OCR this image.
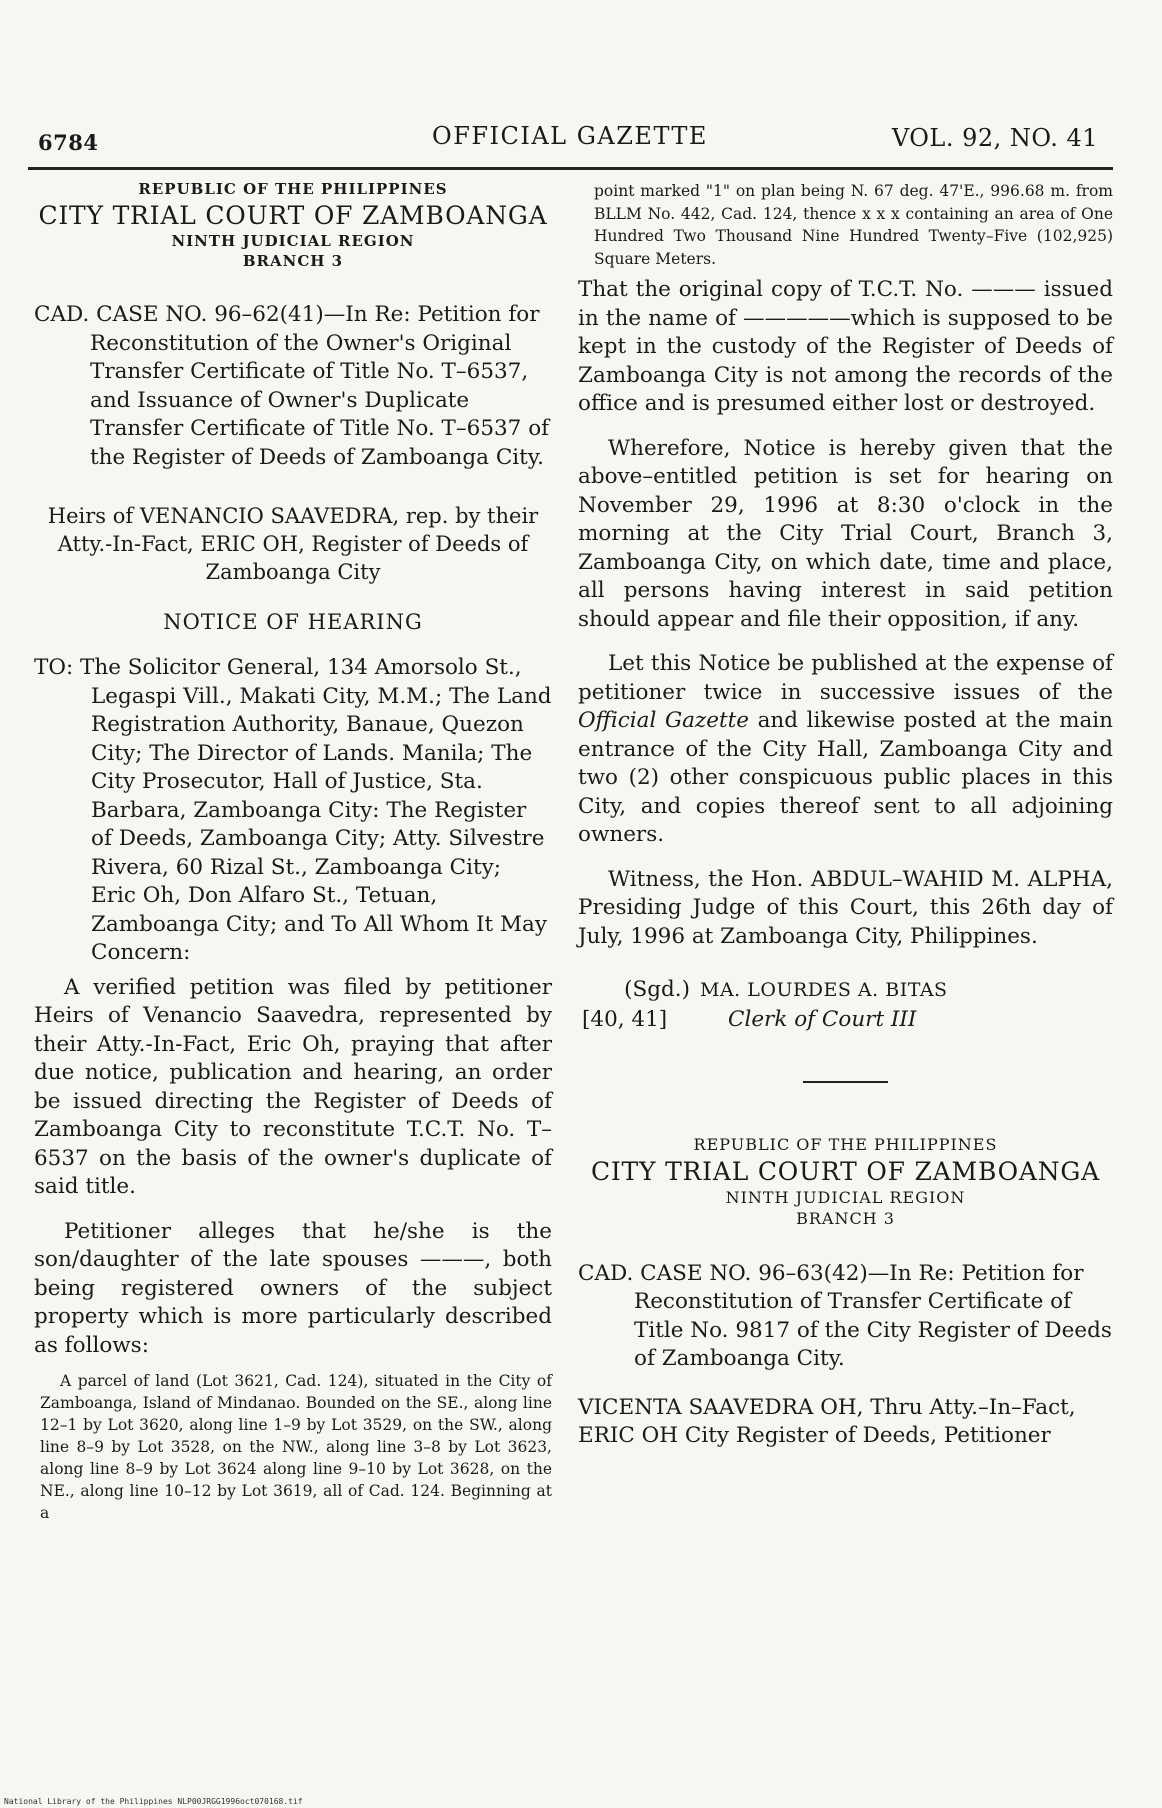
6784	OFFICIAL GAZETTE	VOL. 92, NO. 41
REPUBLIC OF THE PHILIPPINES
CITY TRIAL COURT OF ZAMBOANGA
NINTH JUDICIAL REGION
BRANCH 3

CAD. CASE NO. 96–62(41)—In Re: Petition for Reconstitution of the Owner's Original Transfer Certificate of Title No. T–6537, and Issuance of Owner's Duplicate Transfer Certificate of Title No. T–6537 of the Register of Deeds of Zamboanga City.

Heirs of VENANCIO SAAVEDRA, rep. by their Atty.-In-Fact, ERIC OH, Register of Deeds of Zamboanga City

NOTICE OF HEARING

TO: The Solicitor General, 134 Amorsolo St., Legaspi Vill., Makati City, M.M.; The Land Registration Authority, Banaue, Quezon City; The Director of Lands. Manila; The City Prosecutor, Hall of Justice, Sta. Barbara, Zamboanga City: The Register of Deeds, Zamboanga City; Atty. Silvestre Rivera, 60 Rizal St., Zamboanga City; Eric Oh, Don Alfaro St., Tetuan, Zamboanga City; and To All Whom It May Concern:

A verified petition was filed by petitioner Heirs of Venancio Saavedra, represented by their Atty.-In-Fact, Eric Oh, praying that after due notice, publication and hearing, an order be issued directing the Register of Deeds of Zamboanga City to reconstitute T.C.T. No. T–6537 on the basis of the owner's duplicate of said title.

Petitioner alleges that he/she is the son/daughter of the late spouses ———, both being registered owners of the subject property which is more particularly described as follows:

A parcel of land (Lot 3621, Cad. 124), situated in the City of Zamboanga, Island of Mindanao. Bounded on the SE., along line 12–1 by Lot 3620, along line 1–9 by Lot 3529, on the SW., along line 8–9 by Lot 3528, on the NW., along line 3–8 by Lot 3623, along line 8–9 by Lot 3624 along line 9–10 by Lot 3628, on the NE., along line 10–12 by Lot 3619, all of Cad. 124. Beginning at a

point marked "1" on plan being N. 67 deg. 47'E., 996.68 m. from BLLM No. 442, Cad. 124, thence x x x containing an area of One Hundred Two Thousand Nine Hundred Twenty–Five (102,925) Square Meters.

That the original copy of T.C.T. No. ——— issued in the name of —————which is supposed to be kept in the custody of the Register of Deeds of Zamboanga City is not among the records of the office and is presumed either lost or destroyed.

Wherefore, Notice is hereby given that the above–entitled petition is set for hearing on November 29, 1996 at 8:30 o'clock in the morning at the City Trial Court, Branch 3, Zamboanga City, on which date, time and place, all persons having interest in said petition should appear and file their opposition, if any.

Let this Notice be published at the expense of petitioner twice in successive issues of the Official Gazette and likewise posted at the main entrance of the City Hall, Zamboanga City and two (2) other conspicuous public places in this City, and copies thereof sent to all adjoining owners.

Witness, the Hon. ABDUL–WAHID M. ALPHA, Presiding Judge of this Court, this 26th day of July, 1996 at Zamboanga City, Philippines.

(Sgd.) MA. LOURDES A. BITAS
[40, 41]	Clerk of Court III
REPUBLIC OF THE PHILIPPINES
CITY TRIAL COURT OF ZAMBOANGA
NINTH JUDICIAL REGION
BRANCH 3

CAD. CASE NO. 96–63(42)—In Re: Petition for Reconstitution of Transfer Certificate of Title No. 9817 of the City Register of Deeds of Zamboanga City.

VICENTA SAAVEDRA OH, Thru Atty.–In–Fact, ERIC OH City Register of Deeds, Petitioner

National Library of the Philippines NLP00JRGG1996oct070168.tif
